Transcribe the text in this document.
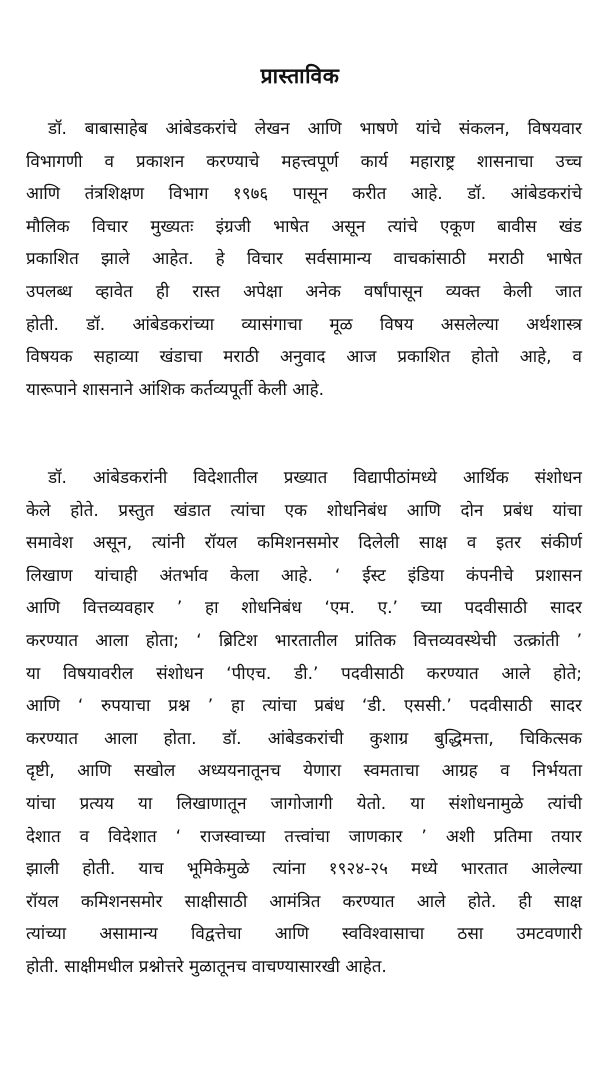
प्रास्ताविक

डॉ. बाबासाहेब आंबेडकरांचे लेखन आणि भाषणे यांचे संकलन, विषयवार
विभागणी व प्रकाशन करण्याचे महत्त्वपूर्ण कार्य महाराष्ट्र शासनाचा उच्च
आणि तंत्रशिक्षण विभाग १९७६ पासून करीत आहे. डॉ. आंबेडकरांचे
मौलिक विचार मुख्यतः इंग्रजी भाषेत असून त्यांचे एकूण बावीस खंड
प्रकाशित झाले आहेत. हे विचार सर्वसामान्य वाचकांसाठी मराठी भाषेत
उपलब्ध व्हावेत ही रास्त अपेक्षा अनेक वर्षांपासून व्यक्त केली जात
होती. डॉ. आंबेडकरांच्या व्यासंगाचा मूळ विषय असलेल्या अर्थशास्त्र
विषयक सहाव्या खंडाचा मराठी अनुवाद आज प्रकाशित होतो आहे, व
यारूपाने शासनाने आंशिक कर्तव्यपूर्ती केली आहे.

डॉ. आंबेडकरांनी विदेशातील प्रख्यात विद्यापीठांमध्ये आर्थिक संशोधन
केले होते. प्रस्तुत खंडात त्यांचा एक शोधनिबंध आणि दोन प्रबंध यांचा
समावेश असून, त्यांनी रॉयल कमिशनसमोर दिलेली साक्ष व इतर संकीर्ण
लिखाण यांचाही अंतर्भाव केला आहे. ‘ ईस्ट इंडिया कंपनीचे प्रशासन
आणि वित्तव्यवहार ’ हा शोधनिबंध ‘एम. ए.’ च्या पदवीसाठी सादर
करण्यात आला होता; ‘ ब्रिटिश भारतातील प्रांतिक वित्तव्यवस्थेची उत्क्रांती ’
या विषयावरील संशोधन ‘पीएच. डी.’ पदवीसाठी करण्यात आले होते;
आणि ‘ रुपयाचा प्रश्न ’ हा त्यांचा प्रबंध ‘डी. एससी.’ पदवीसाठी सादर
करण्यात आला होता. डॉ. आंबेडकरांची कुशाग्र बुद्धिमत्ता, चिकित्सक
दृष्टी, आणि सखोल अध्ययनातूनच येणारा स्वमताचा आग्रह व निर्भयता
यांचा प्रत्यय या लिखाणातून जागोजागी येतो. या संशोधनामुळे त्यांची
देशात व विदेशात ‘ राजस्वाच्या तत्त्वांचा जाणकार ’ अशी प्रतिमा तयार
झाली होती. याच भूमिकेमुळे त्यांना १९२४-२५ मध्ये भारतात आलेल्या
रॉयल कमिशनसमोर साक्षीसाठी आमंत्रित करण्यात आले होते. ही साक्ष
त्यांच्या असामान्य विद्वत्तेचा आणि स्वविश्वासाचा ठसा उमटवणारी
होती. साक्षीमधील प्रश्नोत्तरे मुळातूनच वाचण्यासारखी आहेत.
